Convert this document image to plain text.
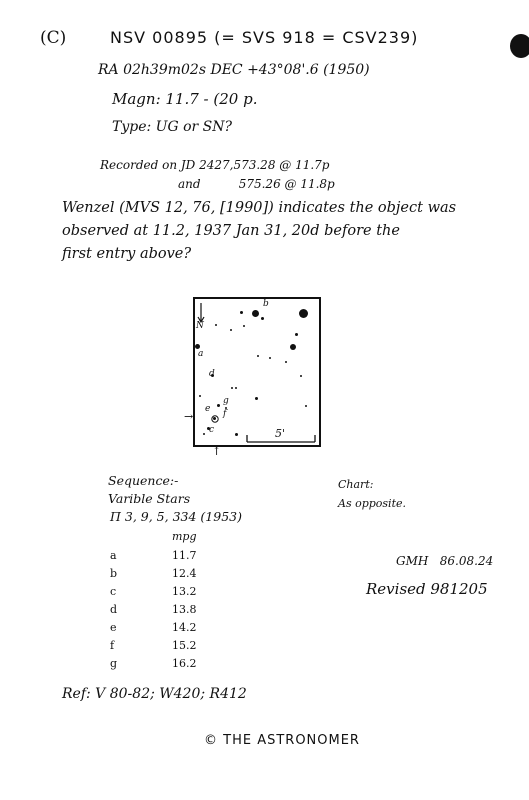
(C)	NSV 00895 (= SVS 918 = CSV239)
RA 02h39m02s DEC +43°08'.6 (1950)
Magn: 11.7 - (20 p.
Type: UG or SN?
Recorded on JD 2427,573.28 @ 11.7p
and          575.26 @ 11.8p
Wenzel (MVS 12, 76, [1990]) indicates the object was
observed at 11.2, 1937 Jan 31, 20d before the
first entry above?
N
a
b
c
d
e f
g
5'
→
↑
Sequence:-
Varible Stars
Π 3, 9, 5, 334 (1953)
mpg
a	11.7
b	12.4
c	13.2
d	13.8
e	14.2
f	15.2
g	16.2
Chart:
As opposite.
GMH   86.08.24
Revised 981205
Ref: V 80-82; W420; R412
© THE ASTRONOMER
